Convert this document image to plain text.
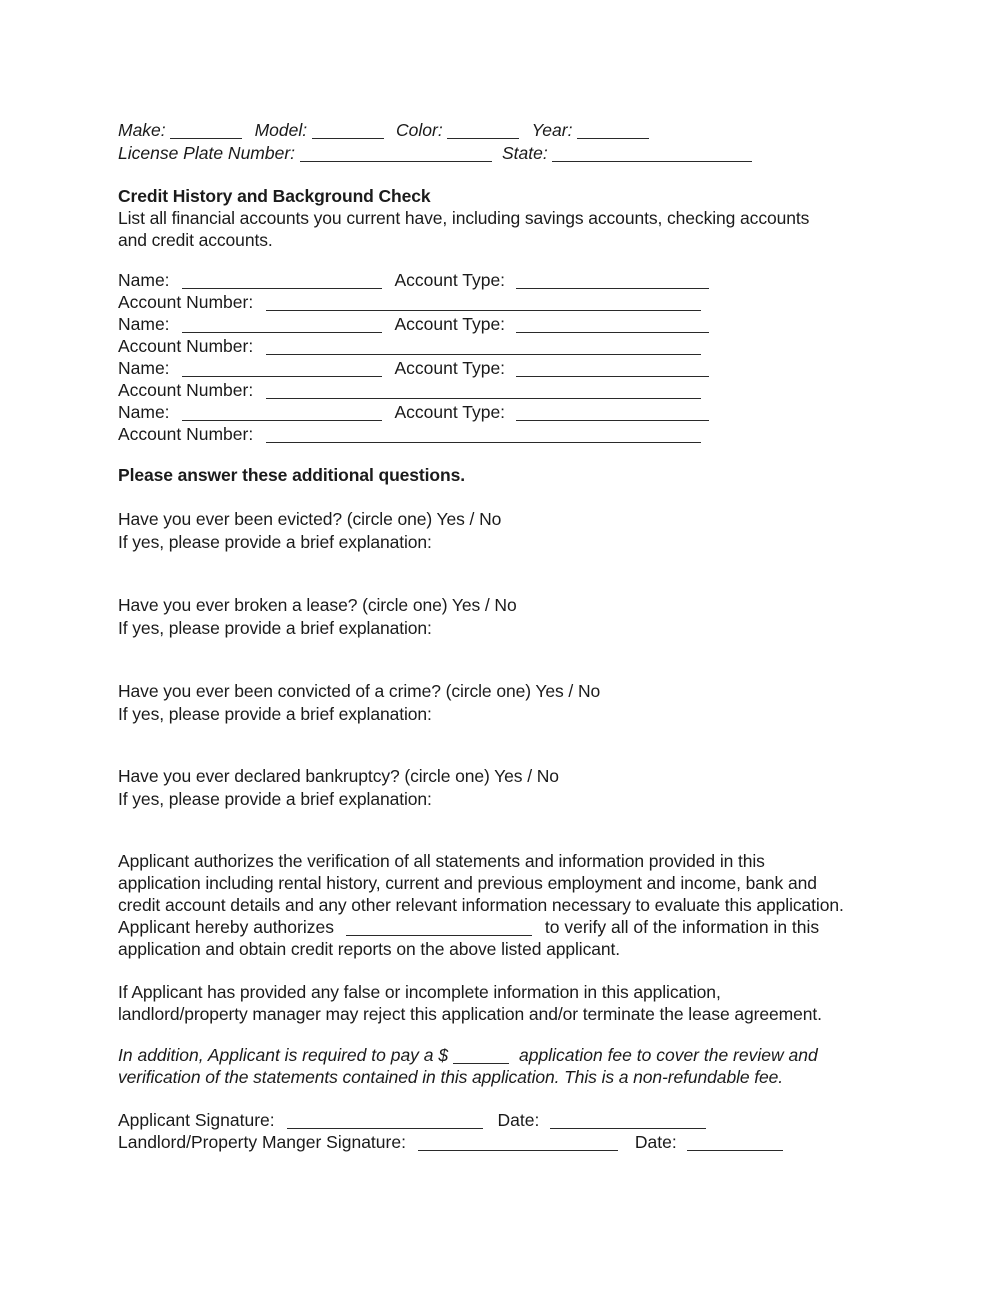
Make:	Model:	Color:	Year:
License Plate Number:	State:
Credit History and Background Check
List all financial accounts you current have, including savings accounts, checking accounts
and credit accounts.
Name:	Account Type:
Account Number:
Name:	Account Type:
Account Number:
Name:	Account Type:
Account Number:
Name:	Account Type:
Account Number:
Please answer these additional questions.
Have you ever been evicted? (circle one) Yes / No
If yes, please provide a brief explanation:
Have you ever broken a lease? (circle one) Yes / No
If yes, please provide a brief explanation:
Have you ever been convicted of a crime? (circle one) Yes / No
If yes, please provide a brief explanation:
Have you ever declared bankruptcy? (circle one) Yes / No
If yes, please provide a brief explanation:
Applicant authorizes the verification of all statements and information provided in this
application including rental history, current and previous employment and income, bank and
credit account details and any other relevant information necessary to evaluate this application.
Applicant hereby authorizes	to verify all of the information in this
application and obtain credit reports on the above listed applicant.
If Applicant has provided any false or incomplete information in this application,
landlord/property manager may reject this application and/or terminate the lease agreement.
In addition, Applicant is required to pay a $	application fee to cover the review and
verification of the statements contained in this application. This is a non-refundable fee.
Applicant Signature:	Date:
Landlord/Property Manger Signature:	Date:
